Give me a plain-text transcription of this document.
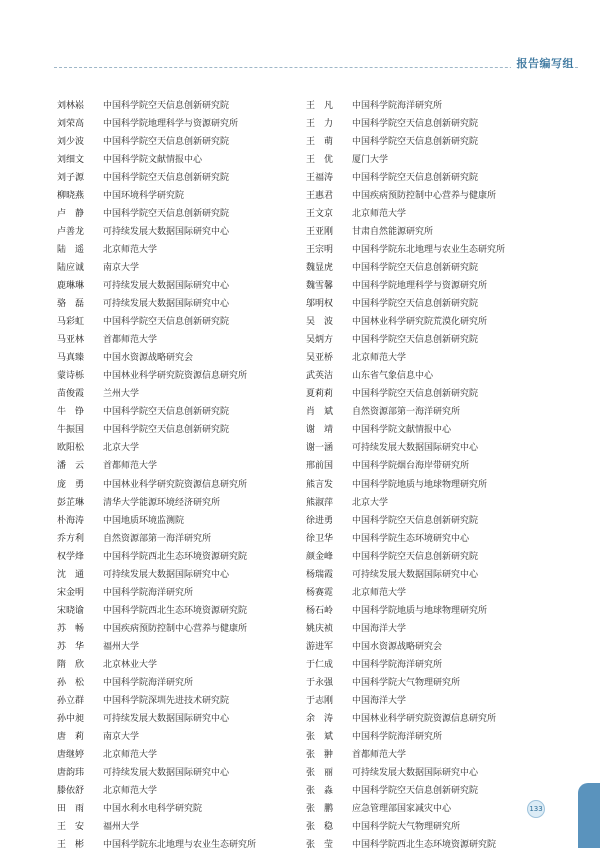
报告编写组
刘林崧	中国科学院空天信息创新研究院
刘荣高	中国科学院地理科学与资源研究所
刘少波	中国科学院空天信息创新研究院
刘细文	中国科学院文献情报中心
刘子源	中国科学院空天信息创新研究院
柳晓燕	中国环境科学研究院
卢　静	中国科学院空天信息创新研究院
卢善龙	可持续发展大数据国际研究中心
陆　遥	北京师范大学
陆应诚	南京大学
鹿琳琳	可持续发展大数据国际研究中心
骆　磊	可持续发展大数据国际研究中心
马彩虹	中国科学院空天信息创新研究院
马亚林	首都师范大学
马真臻	中国水资源战略研究会
蒙诗栎	中国林业科学研究院资源信息研究所
苗俊霞	兰州大学
牛　铮	中国科学院空天信息创新研究院
牛振国	中国科学院空天信息创新研究院
欧阳松	北京大学
潘　云	首都师范大学
庞　勇	中国林业科学研究院资源信息研究所
彭芷琳	清华大学能源环境经济研究所
朴海涛	中国地质环境监测院
乔方利	自然资源部第一海洋研究所
权学烽	中国科学院西北生态环境资源研究院
沈　通	可持续发展大数据国际研究中心
宋金明	中国科学院海洋研究所
宋晓谕	中国科学院西北生态环境资源研究院
苏　畅	中国疾病预防控制中心营养与健康所
苏　华	福州大学
隋　欣	北京林业大学
孙　松	中国科学院海洋研究所
孙立群	中国科学院深圳先进技术研究院
孙中昶	可持续发展大数据国际研究中心
唐　莉	南京大学
唐继婷	北京师范大学
唐韵玮	可持续发展大数据国际研究中心
滕依舒	北京师范大学
田　雨	中国水利水电科学研究院
王　安	福州大学
王　彬	中国科学院东北地理与农业生态研究所
王　凡	中国科学院海洋研究所
王　力	中国科学院空天信息创新研究院
王　萌	中国科学院空天信息创新研究院
王　优	厦门大学
王福涛	中国科学院空天信息创新研究院
王惠君	中国疾病预防控制中心营养与健康所
王文京	北京师范大学
王亚刚	甘肃自然能源研究所
王宗明	中国科学院东北地理与农业生态研究所
魏显虎	中国科学院空天信息创新研究院
魏雪馨	中国科学院地理科学与资源研究所
邬明权	中国科学院空天信息创新研究院
吴　波	中国林业科学研究院荒漠化研究所
吴炳方	中国科学院空天信息创新研究院
吴亚桥	北京师范大学
武英洁	山东省气象信息中心
夏莉莉	中国科学院空天信息创新研究院
肖　斌	自然资源部第一海洋研究所
谢　靖	中国科学院文献情报中心
谢一涵	可持续发展大数据国际研究中心
邢前国	中国科学院烟台海岸带研究所
熊言发	中国科学院地质与地球物理研究所
熊淑萍	北京大学
徐进勇	中国科学院空天信息创新研究院
徐卫华	中国科学院生态环境研究中心
颜金峰	中国科学院空天信息创新研究院
杨瑞霞	可持续发展大数据国际研究中心
杨赛霓	北京师范大学
杨石岭	中国科学院地质与地球物理研究所
姚庆祯	中国海洋大学
游进军	中国水资源战略研究会
于仁成	中国科学院海洋研究所
于永强	中国科学院大气物理研究所
于志刚	中国海洋大学
余　涛	中国林业科学研究院资源信息研究所
张　斌	中国科学院海洋研究所
张　翀	首都师范大学
张　丽	可持续发展大数据国际研究中心
张　淼	中国科学院空天信息创新研究院
张　鹏	应急管理部国家减灾中心
张　稳	中国科学院大气物理研究所
张　莹	中国科学院西北生态环境资源研究院
133
